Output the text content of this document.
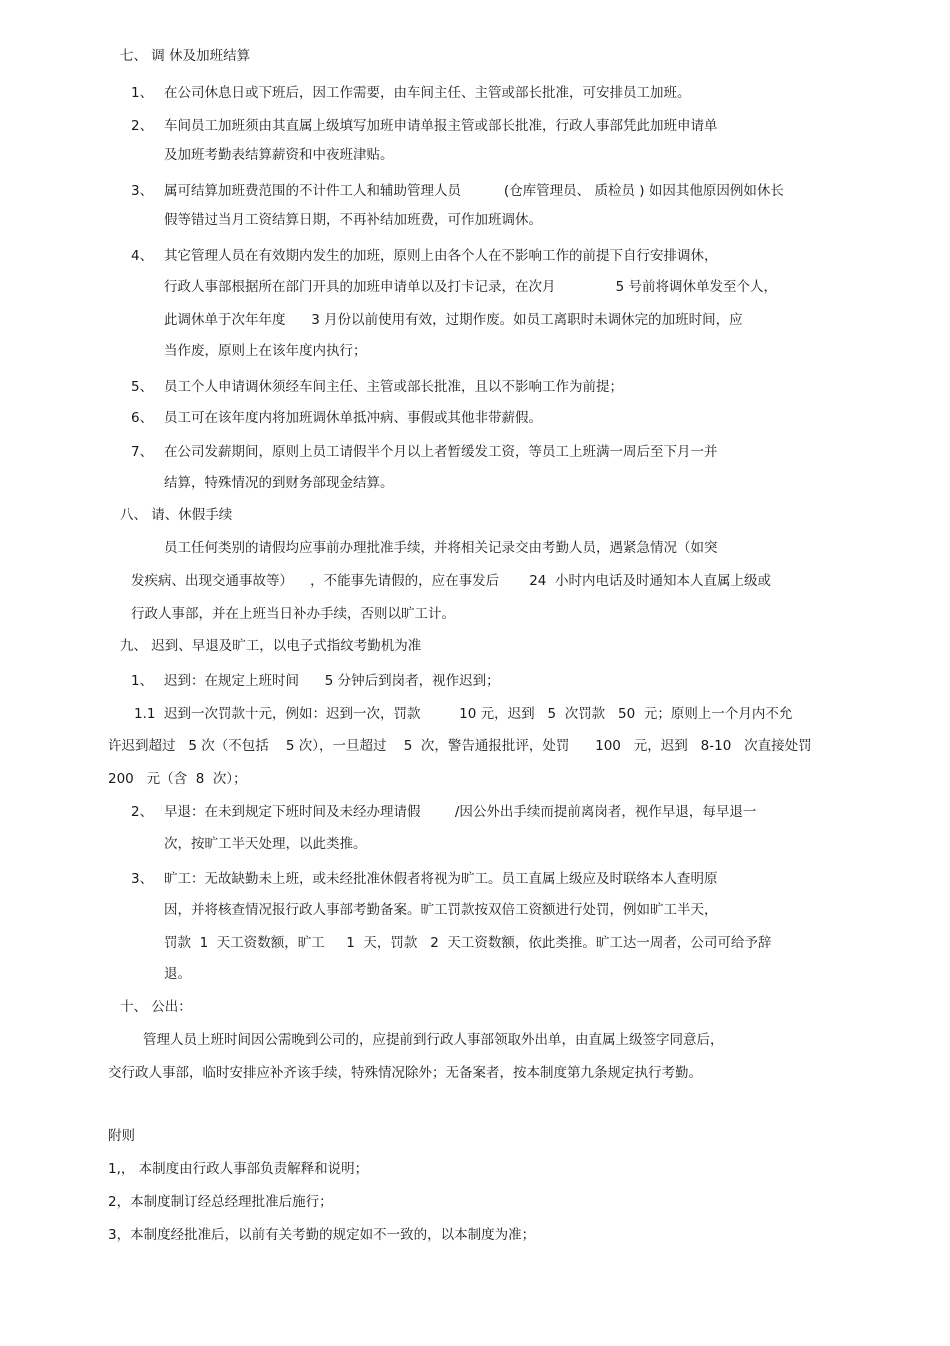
七、 调 休及加班结算
1、 在公司休息日或下班后，因工作需要，由车间主任、主管或部长批准，可安排员工加班。
2、 车间员工加班须由其直属上级填写加班申请单报主管或部长批准，行政人事部凭此加班申请单
及加班考勤表结算薪资和中夜班津贴。
3、 属可结算加班费范围的不计件工人和辅助管理人员          (仓库管理员、 质检员 ) 如因其他原因例如休长
假等错过当月工资结算日期，不再补结加班费，可作加班调休。
4、 其它管理人员在有效期内发生的加班，原则上由各个人在不影响工作的前提下自行安排调休，
行政人事部根据所在部门开具的加班申请单以及打卡记录，在次月              5 号前将调休单发至个人，
此调休单于次年年度      3 月份以前使用有效，过期作废。如员工离职时未调休完的加班时间，应
当作废，原则上在该年度内执行；
5、 员工个人申请调休须经车间主任、主管或部长批准，且以不影响工作为前提；
6、 员工可在该年度内将加班调休单抵冲病、事假或其他非带薪假。
7、 在公司发薪期间，原则上员工请假半个月以上者暂缓发工资，等员工上班满一周后至下月一并
结算，特殊情况的到财务部现金结算。
八、 请、休假手续
员工任何类别的请假均应事前办理批准手续，并将相关记录交由考勤人员，遇紧急情况（如突
发疾病、出现交通事故等）    ，不能事先请假的，应在事发后       24  小时内电话及时通知本人直属上级或
行政人事部，并在上班当日补办手续，否则以旷工计。
九、 迟到、早退及旷工，以电子式指纹考勤机为准
1、 迟到：在规定上班时间      5 分钟后到岗者，视作迟到；
1.1  迟到一次罚款十元，例如：迟到一次，罚款         10 元，迟到   5  次罚款   50  元；原则上一个月内不允
许迟到超过   5 次（不包括    5 次），一旦超过    5  次，警告通报批评，处罚      100   元，迟到   8-10   次直接处罚
200   元（含  8  次）；
2、 早退：在未到规定下班时间及未经办理请假        /因公外出手续而提前离岗者，视作早退，每早退一
次，按旷工半天处理，以此类推。
3、 旷工：无故缺勤未上班，或未经批准休假者将视为旷工。员工直属上级应及时联络本人查明原
因，并将核查情况报行政人事部考勤备案。旷工罚款按双倍工资额进行处罚，例如旷工半天，
罚款  1  天工资数额，旷工     1  天，罚款   2  天工资数额，依此类推。旷工达一周者，公司可给予辞
退。
十、 公出：
管理人员上班时间因公需晚到公司的，应提前到行政人事部领取外出单，由直属上级签字同意后，
交行政人事部，临时安排应补齐该手续，特殊情况除外；无备案者，按本制度第九条规定执行考勤。
附则
1,， 本制度由行政人事部负责解释和说明；
2，本制度制订经总经理批准后施行；
3，本制度经批准后，以前有关考勤的规定如不一致的，以本制度为准；
